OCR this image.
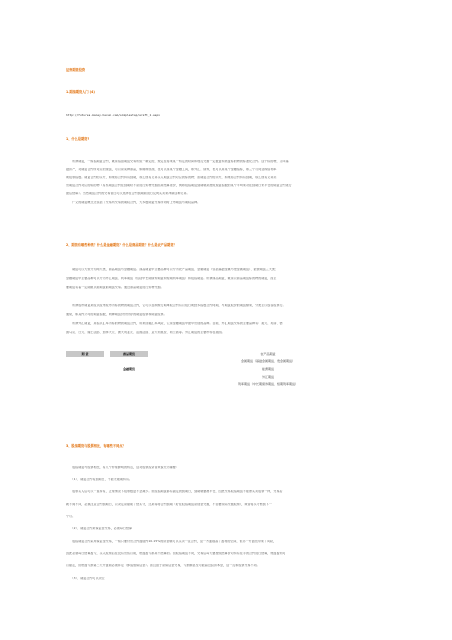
证券期货投资
1.期指期货入门 (4)
http://futures.money.hexun.com/simplestop/araft_1.aspx
1、什么是期货?
　　所谓期货，一般指期货合约，就是指由期货交易所统一制定的，规定在将来某一特定的时间和地点交割一定数量和质量标的物的标准化合约。这个标的物，又叫基
础资产，对期货合约所对应的现货，可以是某种商品，如铜或原油，也可以是某个金融工具，如外汇、债券，也可以是某个金融指标，如三个月同业拆借利率
或股票指数。期货合约的买方，如果将合约持有到期，那么他有义务买入期货合约对应的标的物；而期货合约的卖方，如果将合约持有到期，那么他有义务卖
出期货合约对应的标的物（有些期货合约在到期时不是进行实物交割而是结算差价，例如股指期货到期就是按照现货指数的某个平均来对在到期日未平仓的期货合约进行
最后结算）。当然期货合约的交易者还可以选择在合约到期前进行反向买卖来冲销这种义务。
　　广义的期货概念还包括了交易所交易的期权合约，大多数期货交易所同时上市期货与期权品种。
2、期货有哪些种类？什么是金融期货？什么是商品期货？什么是农产品期货？
　　期货可以大致分为两大类，商品期货与金融期货。商品期货中主要品种可以分为农产品期货、金属期货（包括基础金属与贵金属期货）、能源期货三大类；
金融期货中主要品种可以分为外汇期货、利率期货（包括中长期债券期货和短期利率期货）和股指期货。所谓商品期货，就是以商品期货标的物的期货，而主
要期货有着一定期限以前期货前期货交易。通过商品期货进行实物交割。
　　所谓股市期货是股以股市股市为标的物的期货合约，它可以在制规行期单股合约有以股行或经多指数合约同期，与期货股价的期货额来，分类主以成各股票行。
通常，如其约公司的期货指数，向种期货价价价存的期货股票和期货股票。
　　所谓外汇期货，是指以汇率为标的物的期货合约，用来回避汇率风险，它是金融期货中最早出现的品种。目前，外汇期货交易的主要品种有：美元、英镑、德
国马克、日元、瑞士法郎、加拿大元、澳大利亚元、法国法郎、意大利里拉、荷兰盾等。外汇期货的主要市场在美国。
期 货		商品期货	农产品期货
			金属期货（基础金属期货、贵金属期货）
		金融期货	能源期货
			外汇期货
			利率期货（中长期债券期货、短期利率期货）
3、股指期货与股票相比，有哪些不同点？
　　股指期货与股票相比，有几个非常鲜明的特点，这对股票投资者来说尤为重要：
　　（1）、期货合约有到期日，不能无限期持有。
　　股票买入后可以一直持有，正常情况下股票数量不会减少。但股指期货都有固定的到期日，到期就要被平仓，因此交易股指期货不能像买卖股票一样，交易后
就不闻不问，必须注意合约到期日，以决定是提前了结头寸，还是等待合约到期（好在股指期货是现金交割，不需要实际交割股票），或者将头寸转到下一
个月。
　　（2）、期货合约是保证金交易，必须每日结算
　　股指期货合约采用保证金交易，一般只要付出合约面值约10-15%的资金就可以买卖一张合约，这一方面提高了盈利的空间，但另一方面也带来了风险，
因此必须每日结算盈亏，买入股票后在没有出售以前，账面盈亏都是不结算的。但股指期货不同，交易后每天要按照结算价对持有在手的合约进行结算，账面盈利可
以提走，但账面亏损第二天开盘前必须补足（即追加保证金）。而且由于是保证金交易，亏损额甚至可能超过投资本金，这一点和股票交易不同。
　　（3）、期货合约可以卖空
